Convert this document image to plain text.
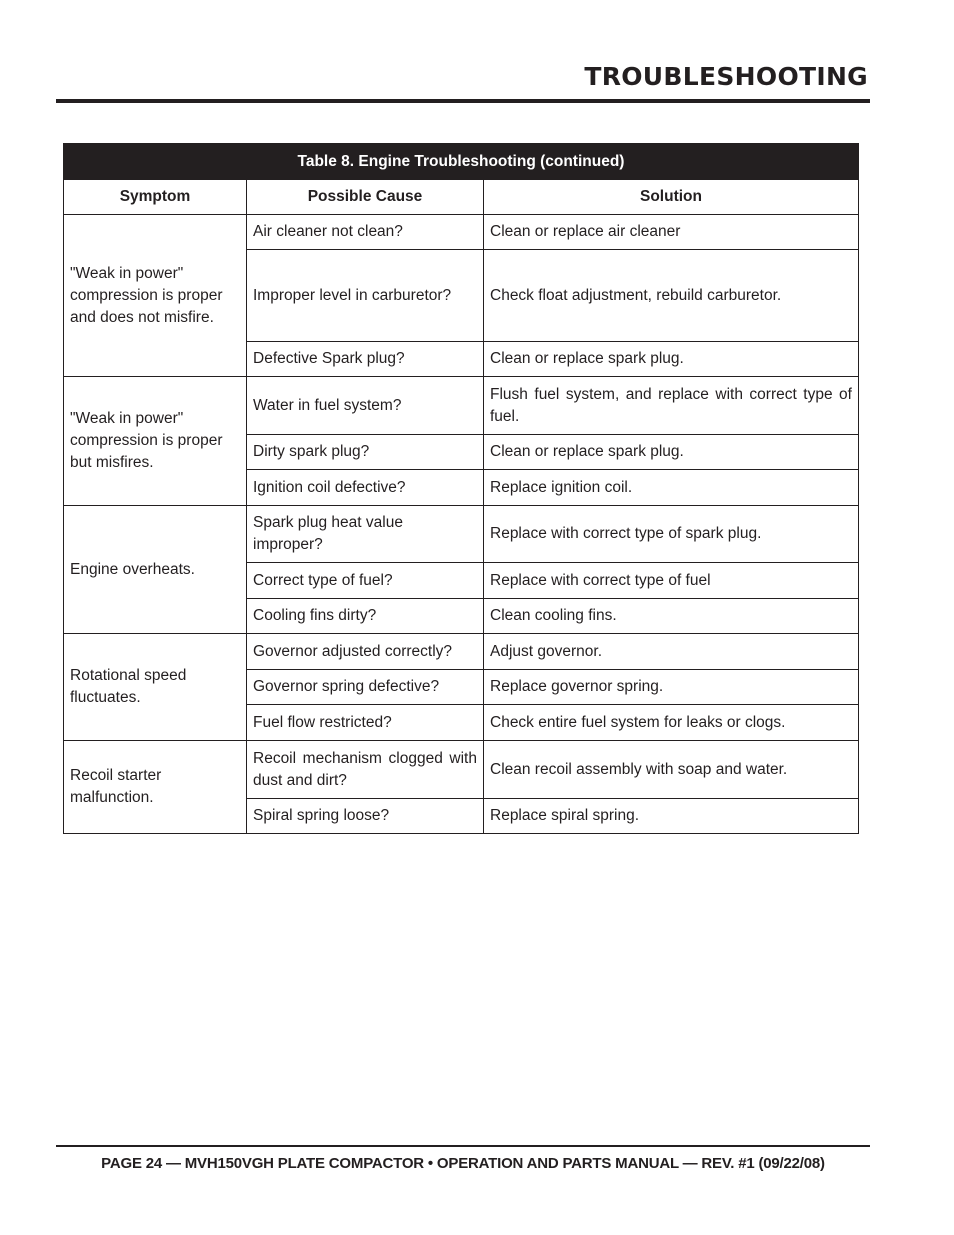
TROUBLESHOOTING
Table 8. Engine Troubleshooting (continued)		
Symptom	Possible Cause	Solution
"Weak in power" compression is proper and does not misfire.	Air cleaner not clean?	Clean or replace air cleaner
	Improper level in carburetor?	Check float adjustment, rebuild carburetor.
	Defective Spark plug?	Clean or replace spark plug.
"Weak in power" compression is proper but misfires.	Water in fuel system?	Flush fuel system, and replace with correct type of fuel.
	Dirty spark plug?	Clean or replace spark plug.
	Ignition coil defective?	Replace ignition coil.
Engine overheats.	Spark plug heat value improper?	Replace with correct type of spark plug.
	Correct type of fuel?	Replace with correct type of fuel
	Cooling fins dirty?	Clean cooling fins.
Rotational speed fluctuates.	Governor adjusted correctly?	Adjust governor.
	Governor spring defective?	Replace governor spring.
	Fuel flow restricted?	Check entire fuel system for leaks or clogs.
Recoil starter malfunction.	Recoil mechanism clogged with dust and dirt?	Clean recoil assembly with soap and water.
	Spiral spring loose?	Replace spiral spring.
PAGE 24 — MVH150VGH PLATE COMPACTOR • OPERATION AND PARTS MANUAL — REV. #1 (09/22/08)
